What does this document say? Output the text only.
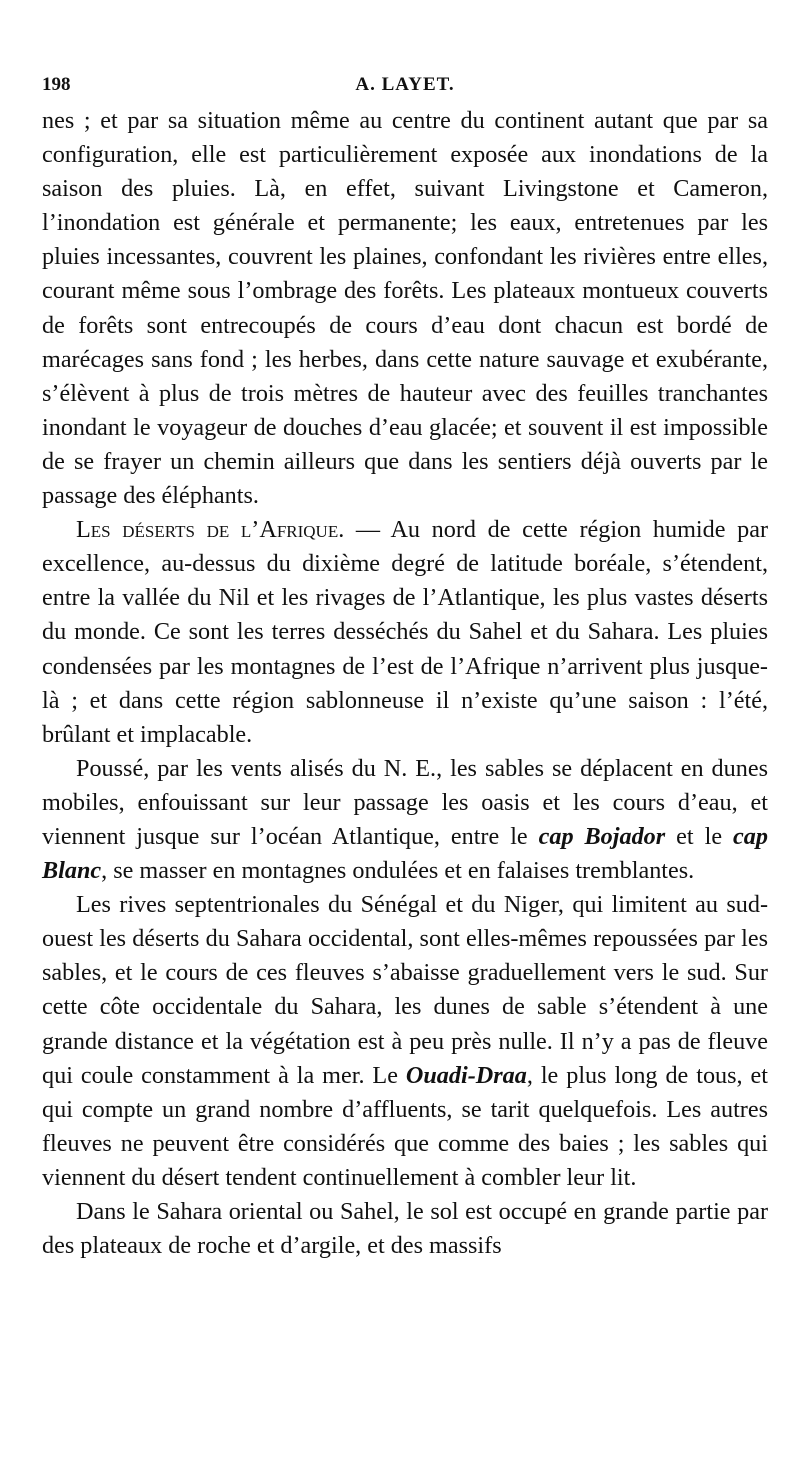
198	A. LAYET.

nes ; et par sa situation même au centre du continent autant que par sa configuration, elle est particulièrement exposée aux inondations de la saison des pluies. Là, en effet, suivant Livingstone et Cameron, l’inondation est générale et permanente; les eaux, entretenues par les pluies incessantes, couvrent les plaines, confondant les rivières entre elles, courant même sous l’ombrage des forêts. Les plateaux montueux couverts de forêts sont entrecoupés de cours d’eau dont chacun est bordé de marécages sans fond ; les herbes, dans cette nature sauvage et exubérante, s’élèvent à plus de trois mètres de hauteur avec des feuilles tranchantes inondant le voyageur de douches d’eau glacée; et souvent il est impossible de se frayer un chemin ailleurs que dans les sentiers déjà ouverts par le passage des éléphants.

Les déserts de l’Afrique. — Au nord de cette région humide par excellence, au-dessus du dixième degré de latitude boréale, s’étendent, entre la vallée du Nil et les rivages de l’Atlantique, les plus vastes déserts du monde. Ce sont les terres desséchés du Sahel et du Sahara. Les pluies condensées par les montagnes de l’est de l’Afrique n’arrivent plus jusque-là ; et dans cette région sablonneuse il n’existe qu’une saison : l’été, brûlant et implacable.

Poussé, par les vents alisés du N. E., les sables se déplacent en dunes mobiles, enfouissant sur leur passage les oasis et les cours d’eau, et viennent jusque sur l’océan Atlantique, entre le cap Bojador et le cap Blanc, se masser en montagnes ondulées et en falaises tremblantes.

Les rives septentrionales du Sénégal et du Niger, qui limitent au sud-ouest les déserts du Sahara occidental, sont elles-mêmes repoussées par les sables, et le cours de ces fleuves s’abaisse graduellement vers le sud. Sur cette côte occidentale du Sahara, les dunes de sable s’étendent à une grande distance et la végétation est à peu près nulle. Il n’y a pas de fleuve qui coule constamment à la mer. Le Ouadi-Draa, le plus long de tous, et qui compte un grand nombre d’affluents, se tarit quelquefois. Les autres fleuves ne peuvent être considérés que comme des baies ; les sables qui viennent du désert tendent continuellement à combler leur lit.

Dans le Sahara oriental ou Sahel, le sol est occupé en grande partie par des plateaux de roche et d’argile, et des massifs
